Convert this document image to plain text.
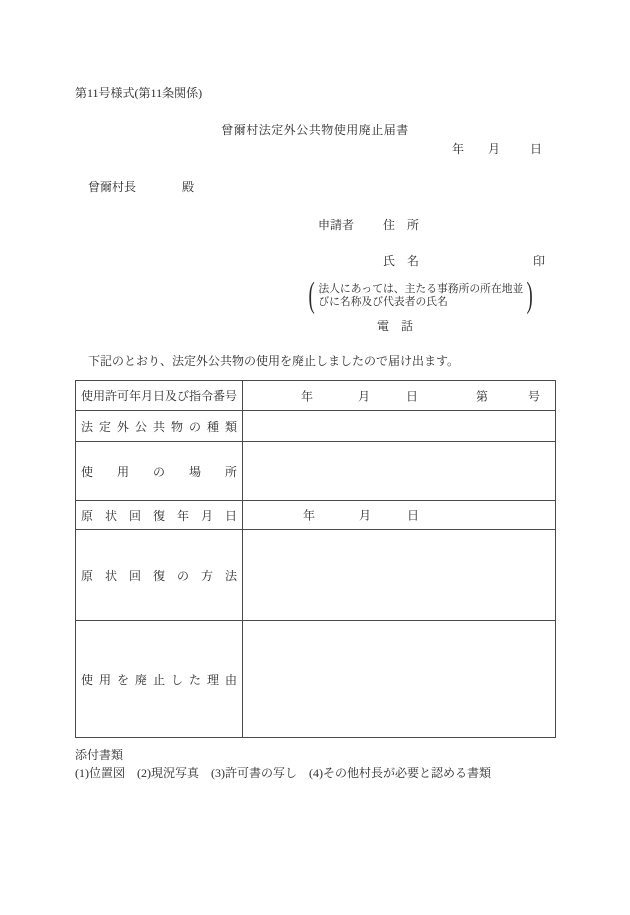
第11号様式(第11条関係)
曾爾村法定外公共物使用廃止届書
年 月 日
曾爾村長	殿
申請者 住　所
氏　名	印
( 法人にあっては、主たる事務所の所在地並
びに名称及び代表者の氏名	)
電　話
下記のとおり、法定外公共物の使用を廃止しましたので届け出ます。
使用許可年月日及び指令番号	年 月 日 第 号

法定外公共物の種類	

使用の場所	

原状回復年月日	年 月 日

原状回復の方法	

使用を廃止した理由	

添付書類
(1)位置図　(2)現況写真　(3)許可書の写し　(4)その他村長が必要と認める書類
